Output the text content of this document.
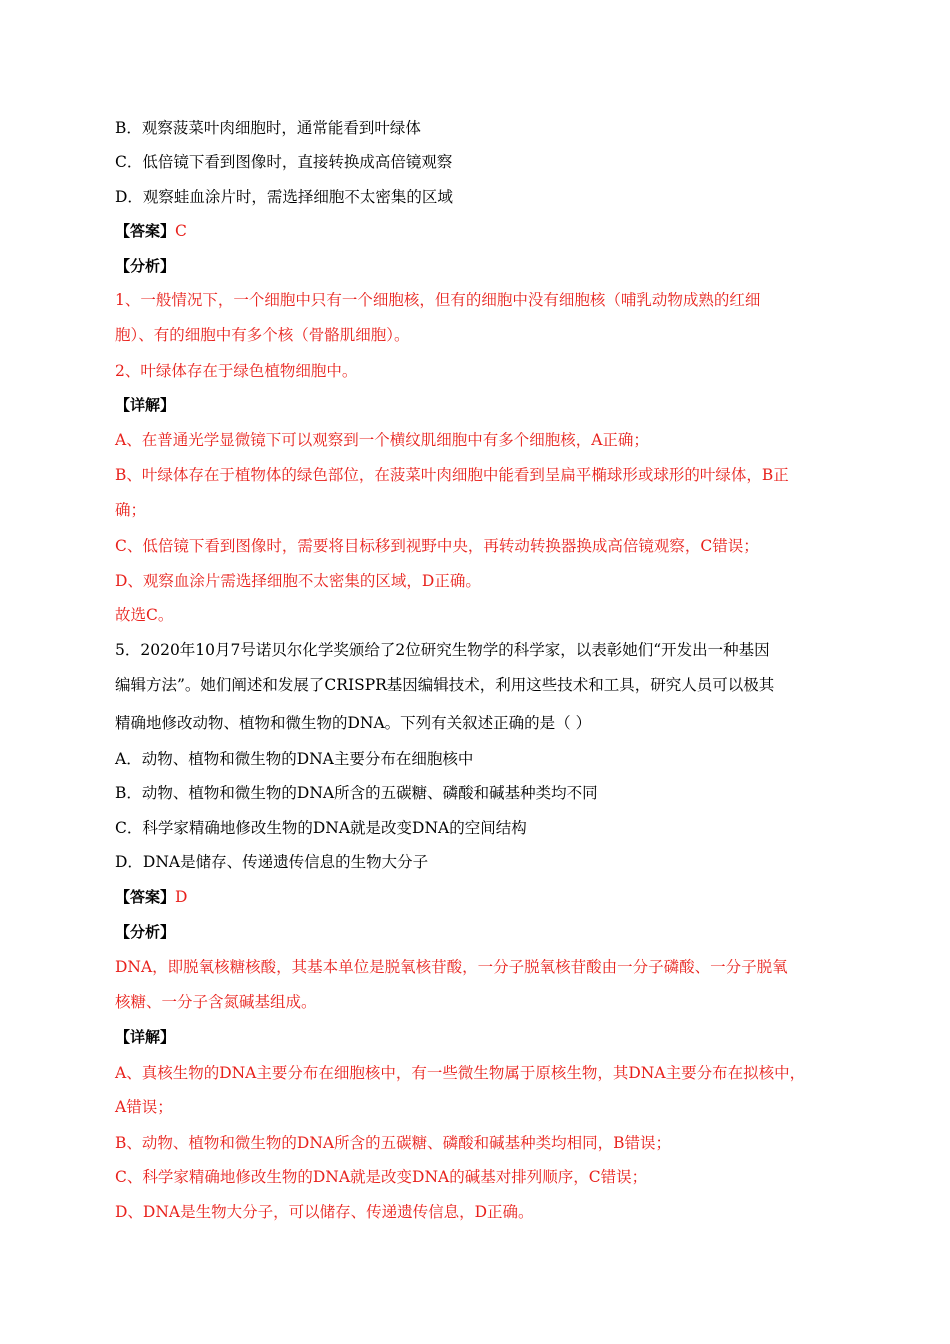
B．观察菠菜叶肉细胞时，通常能看到叶绿体
C．低倍镜下看到图像时，直接转换成高倍镜观察
D．观察蛙血涂片时，需选择细胞不太密集的区域
【答案】C
【分析】
1、一般情况下，一个细胞中只有一个细胞核，但有的细胞中没有细胞核（哺乳动物成熟的红细
胞）、有的细胞中有多个核（骨骼肌细胞）。
2、叶绿体存在于绿色植物细胞中。
【详解】
A、在普通光学显微镜下可以观察到一个横纹肌细胞中有多个细胞核，A正确；
B、叶绿体存在于植物体的绿色部位，在菠菜叶肉细胞中能看到呈扁平椭球形或球形的叶绿体，B正
确；
C、低倍镜下看到图像时，需要将目标移到视野中央，再转动转换器换成高倍镜观察，C错误；
D、观察血涂片需选择细胞不太密集的区域，D正确。
故选C。
5．2020年10月7号诺贝尔化学奖颁给了2位研究生物学的科学家，以表彰她们“开发出一种基因
编辑方法”。她们阐述和发展了CRISPR基因编辑技术，利用这些技术和工具，研究人员可以极其
精确地修改动物、植物和微生物的DNA。下列有关叙述正确的是（ ）
A．动物、植物和微生物的DNA主要分布在细胞核中
B．动物、植物和微生物的DNA所含的五碳糖、磷酸和碱基种类均不同
C．科学家精确地修改生物的DNA就是改变DNA的空间结构
D．DNA是储存、传递遗传信息的生物大分子
【答案】D
【分析】
DNA，即脱氧核糖核酸，其基本单位是脱氧核苷酸，一分子脱氧核苷酸由一分子磷酸、一分子脱氧
核糖、一分子含氮碱基组成。
【详解】
A、真核生物的DNA主要分布在细胞核中，有一些微生物属于原核生物，其DNA主要分布在拟核中，
A错误；
B、动物、植物和微生物的DNA所含的五碳糖、磷酸和碱基种类均相同，B错误；
C、科学家精确地修改生物的DNA就是改变DNA的碱基对排列顺序，C错误；
D、DNA是生物大分子，可以储存、传递遗传信息，D正确。
